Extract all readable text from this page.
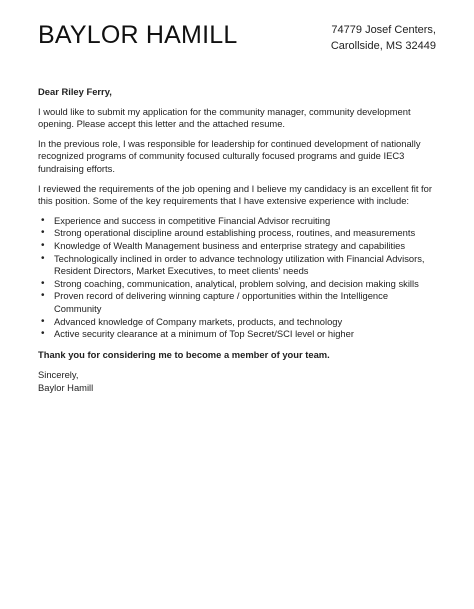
BAYLOR HAMILL	74779 Josef Centers,
Carollside, MS 32449

Dear Riley Ferry,

I would like to submit my application for the community manager, community development opening. Please accept this letter and the attached resume.

In the previous role, I was responsible for leadership for continued development of nationally recognized programs of community focused culturally focused programs and guide IEC3 fundraising efforts.

I reviewed the requirements of the job opening and I believe my candidacy is an excellent fit for this position. Some of the key requirements that I have extensive experience with include:

• Experience and success in competitive Financial Advisor recruiting
• Strong operational discipline around establishing process, routines, and measurements
• Knowledge of Wealth Management business and enterprise strategy and capabilities
• Technologically inclined in order to advance technology utilization with Financial Advisors, Resident Directors, Market Executives, to meet clients' needs
• Strong coaching, communication, analytical, problem solving, and decision making skills
• Proven record of delivering winning capture / opportunities within the Intelligence Community
• Advanced knowledge of Company markets, products, and technology
• Active security clearance at a minimum of Top Secret/SCI level or higher

Thank you for considering me to become a member of your team.

Sincerely,
Baylor Hamill
